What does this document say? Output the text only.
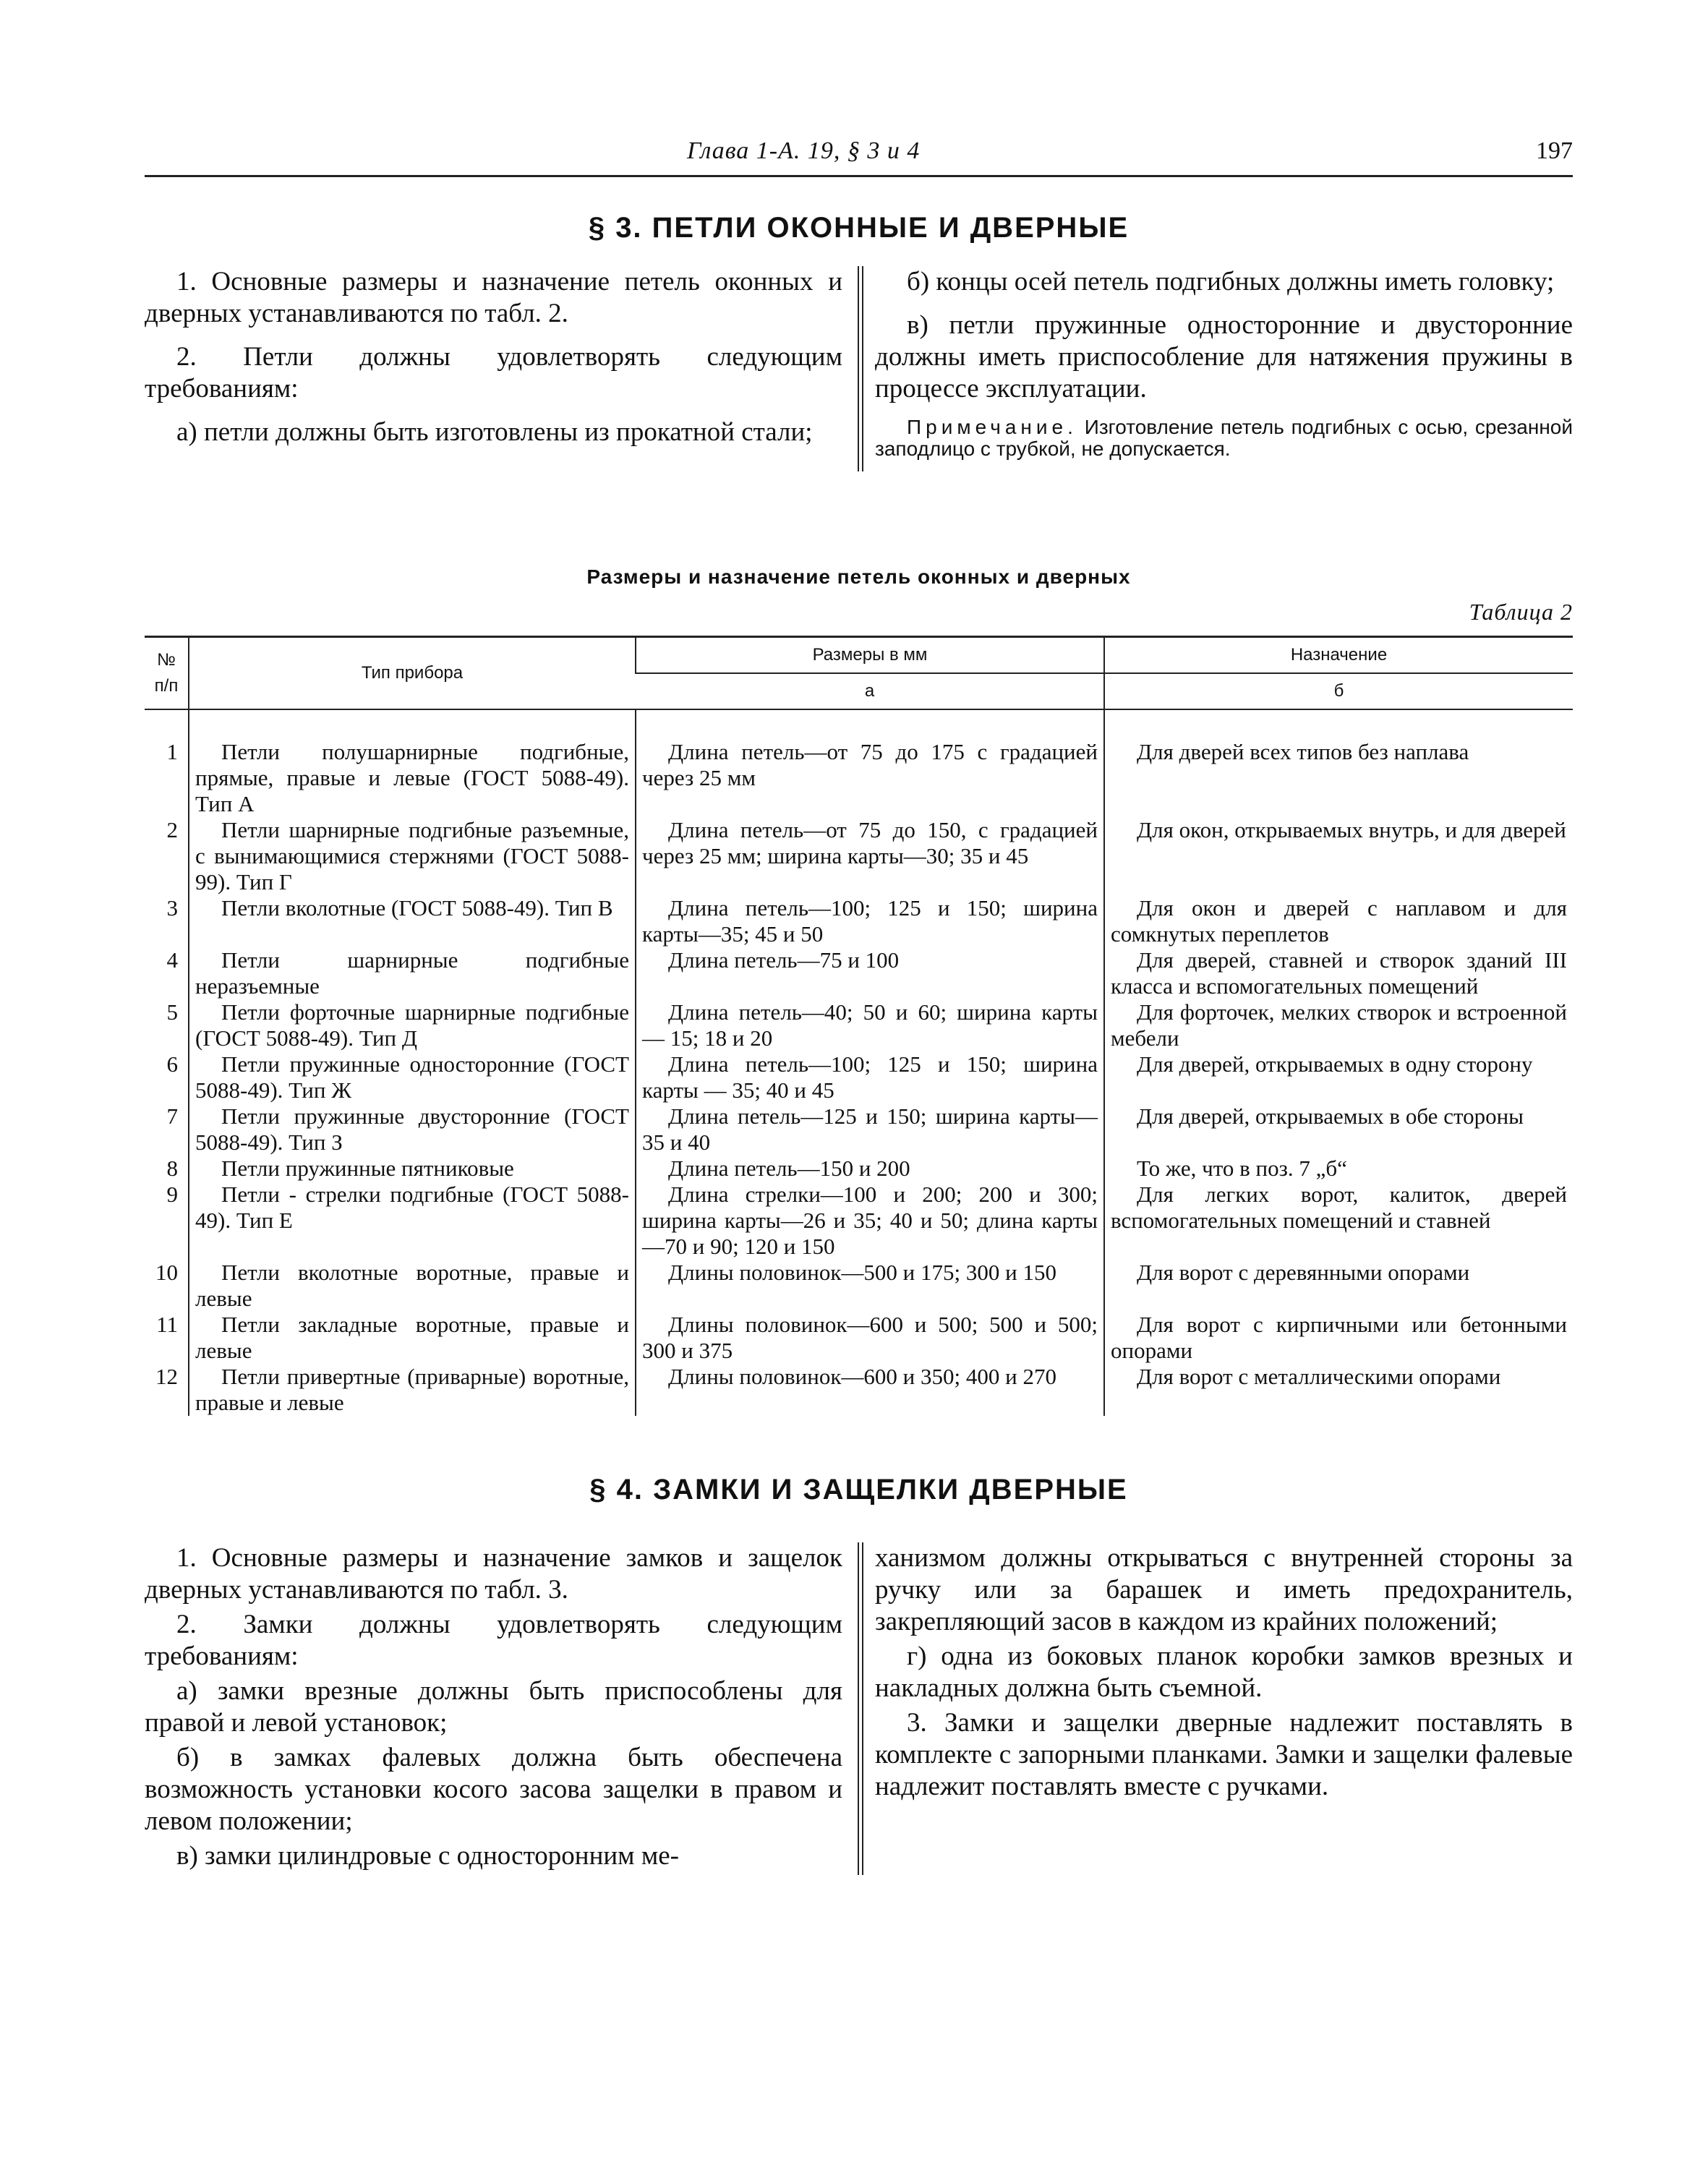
Глава 1-А. 19, § 3 и 4	197
§ 3. ПЕТЛИ ОКОННЫЕ И ДВЕРНЫЕ

1. Основные размеры и назначение петель оконных и дверных устанавливаются по табл. 2.

2. Петли должны удовлетворять следующим требованиям:

а) петли должны быть изготовлены из прокатной стали;

б) концы осей петель подгибных должны иметь головку;

в) петли пружинные односторонние и двусторонние должны иметь приспособление для натяжения пружины в процессе эксплуатации.

Примечание. Изготовление петель подгибных с осью, срезанной заподлицо с трубкой, не допускается.

Размеры и назначение петель оконных и дверных
Таблица 2
№ п/п	Тип прибора	Размеры в мм	Назначение
		а	б

1	Петли полушарнирные подгибные, прямые, правые и левые (ГОСТ 5088-49). Тип А	Длина петель—от 75 до 175 с градацией через 25 мм	Для дверей всех типов без наплава
2	Петли шарнирные подгибные разъемные, с вынимающимися стержнями (ГОСТ 5088-99). Тип Г	Длина петель—от 75 до 150, с градацией через 25 мм; ширина карты—30; 35 и 45	Для окон, открываемых внутрь, и для дверей
3	Петли вколотные (ГОСТ 5088-49). Тип В	Длина петель—100; 125 и 150; ширина карты—35; 45 и 50	Для окон и дверей с наплавом и для сомкнутых переплетов
4	Петли шарнирные подгибные неразъемные	Длина петель—75 и 100	Для дверей, ставней и створок зданий III класса и вспомогательных помещений
5	Петли форточные шарнирные подгибные (ГОСТ 5088-49). Тип Д	Длина петель—40; 50 и 60; ширина карты — 15; 18 и 20	Для форточек, мелких створок и встроенной мебели
6	Петли пружинные односторонние (ГОСТ 5088-49). Тип Ж	Длина петель—100; 125 и 150; ширина карты — 35; 40 и 45	Для дверей, открываемых в одну сторону
7	Петли пружинные двусторонние (ГОСТ 5088-49). Тип З	Длина петель—125 и 150; ширина карты—35 и 40	Для дверей, открываемых в обе стороны
8	Петли пружинные пятниковые	Длина петель—150 и 200	То же, что в поз. 7 „б“
9	Петли - стрелки подгибные (ГОСТ 5088-49). Тип Е	Длина стрелки—100 и 200; 200 и 300; ширина карты—26 и 35; 40 и 50; длина карты—70 и 90; 120 и 150	Для легких ворот, калиток, дверей вспомогательных помещений и ставней
10	Петли вколотные воротные, правые и левые	Длины половинок—500 и 175; 300 и 150	Для ворот с деревянными опорами
11	Петли закладные воротные, правые и левые	Длины половинок—600 и 500; 500 и 500; 300 и 375	Для ворот с кирпичными или бетонными опорами
12	Петли привертные (приварные) воротные, правые и левые	Длины половинок—600 и 350; 400 и 270	Для ворот с металлическими опорами
§ 4. ЗАМКИ И ЗАЩЕЛКИ ДВЕРНЫЕ

1. Основные размеры и назначение замков и защелок дверных устанавливаются по табл. 3.

2. Замки должны удовлетворять следующим требованиям:

а) замки врезные должны быть приспособлены для правой и левой установок;

б) в замках фалевых должна быть обеспечена возможность установки косого засова защелки в правом и левом положении;

в) замки цилиндровые с односторонним ме-

ханизмом должны открываться с внутренней стороны за ручку или за барашек и иметь предохранитель, закрепляющий засов в каждом из крайних положений;

г) одна из боковых планок коробки замков врезных и накладных должна быть съемной.

3. Замки и защелки дверные надлежит поставлять в комплекте с запорными планками. Замки и защелки фалевые надлежит поставлять вместе с ручками.
